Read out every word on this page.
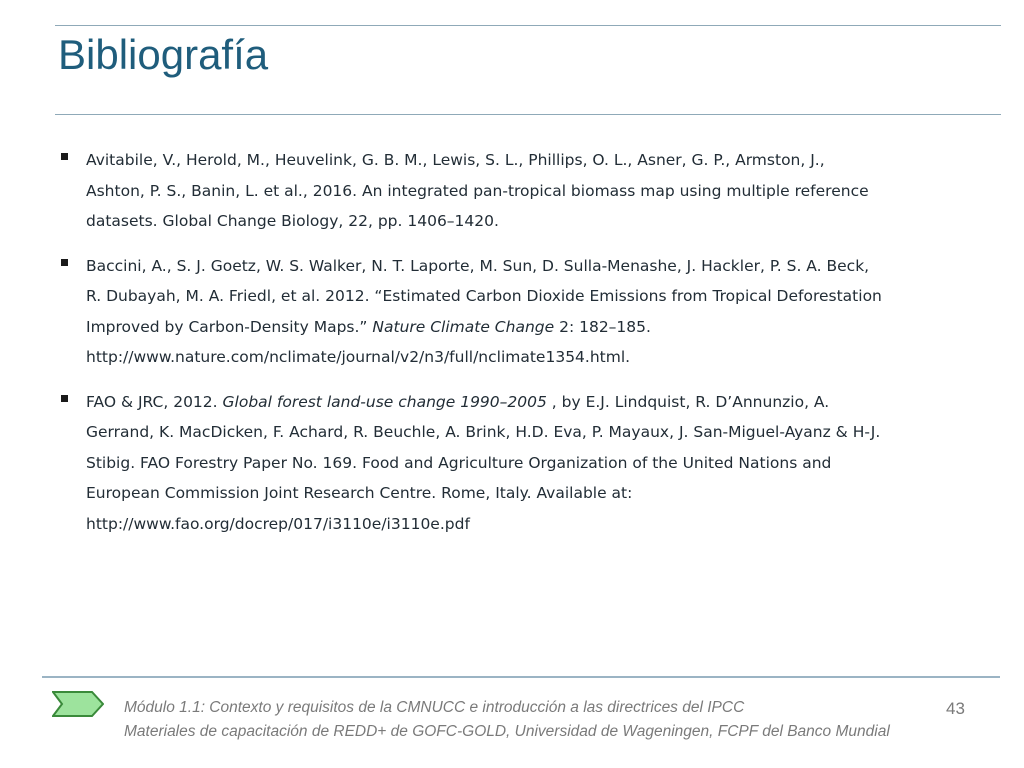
Bibliografía
Avitabile, V., Herold, M., Heuvelink, G. B. M., Lewis, S. L., Phillips, O. L., Asner, G. P., Armston, J.,
Ashton, P. S., Banin, L. et al., 2016. An integrated pan-tropical biomass map using multiple reference
datasets. Global Change Biology, 22, pp. 1406–1420.
Baccini, A., S. J. Goetz, W. S. Walker, N. T. Laporte, M. Sun, D. Sulla-Menashe, J. Hackler, P. S. A. Beck,
R. Dubayah, M. A. Friedl, et al. 2012. “Estimated Carbon Dioxide Emissions from Tropical Deforestation
Improved by Carbon-Density Maps.” Nature Climate Change 2: 182–185.
http://www.nature.com/nclimate/journal/v2/n3/full/nclimate1354.html.
FAO & JRC, 2012. Global forest land-use change 1990–2005 , by E.J. Lindquist, R. D’Annunzio, A.
Gerrand, K. MacDicken, F. Achard, R. Beuchle, A. Brink, H.D. Eva, P. Mayaux, J. San-Miguel-Ayanz & H-J.
Stibig. FAO Forestry Paper No. 169. Food and Agriculture Organization of the United Nations and
European Commission Joint Research Centre. Rome, Italy. Available at:
http://www.fao.org/docrep/017/i3110e/i3110e.pdf
Módulo 1.1: Contexto y requisitos de la CMNUCC e introducción a las directrices del IPCC
Materiales de capacitación de REDD+ de GOFC-GOLD, Universidad de Wageningen, FCPF del Banco Mundial
43
